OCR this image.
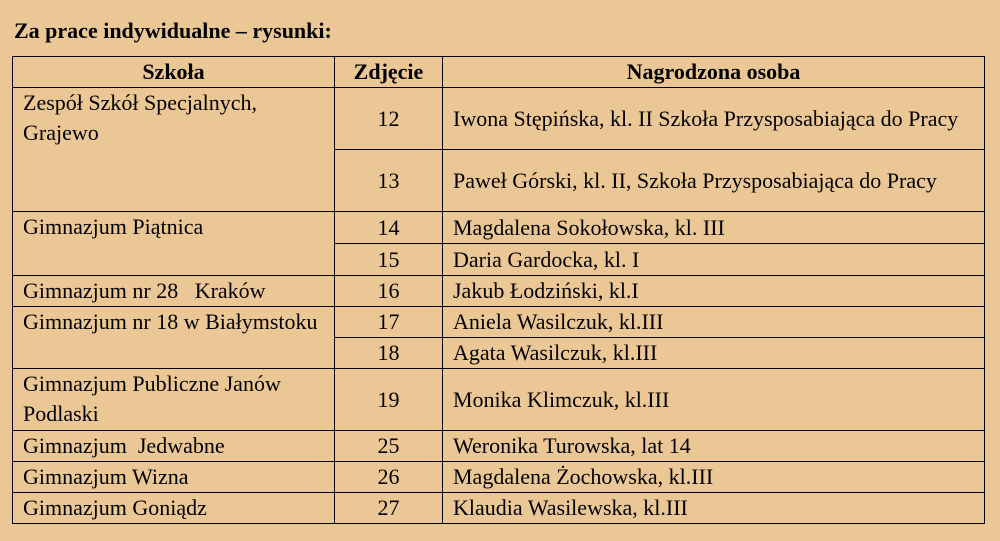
Za prace indywidualne – rysunki:
Szkoła	Zdjęcie	Nagrodzona osoba

Zespół Szkół Specjalnych, Grajewo	12	Iwona Stępińska, kl. II Szkoła Przysposabiająca do Pracy
	13	Paweł Górski, kl. II, Szkoła Przysposabiająca do Pracy

Gimnazjum Piątnica	14	Magdalena Sokołowska, kl. III
	15	Daria Gardocka, kl. I

Gimnazjum nr 28   Kraków	16	Jakub Łodziński, kl.I

Gimnazjum nr 18 w Białymstoku	17	Aniela Wasilczuk, kl.III
	18	Agata Wasilczuk, kl.III

Gimnazjum Publiczne Janów Podlaski	19	Monika Klimczuk, kl.III

Gimnazjum  Jedwabne	25	Weronika Turowska, lat 14

Gimnazjum Wizna	26	Magdalena Żochowska, kl.III

Gimnazjum Goniądz	27	Klaudia Wasilewska, kl.III
